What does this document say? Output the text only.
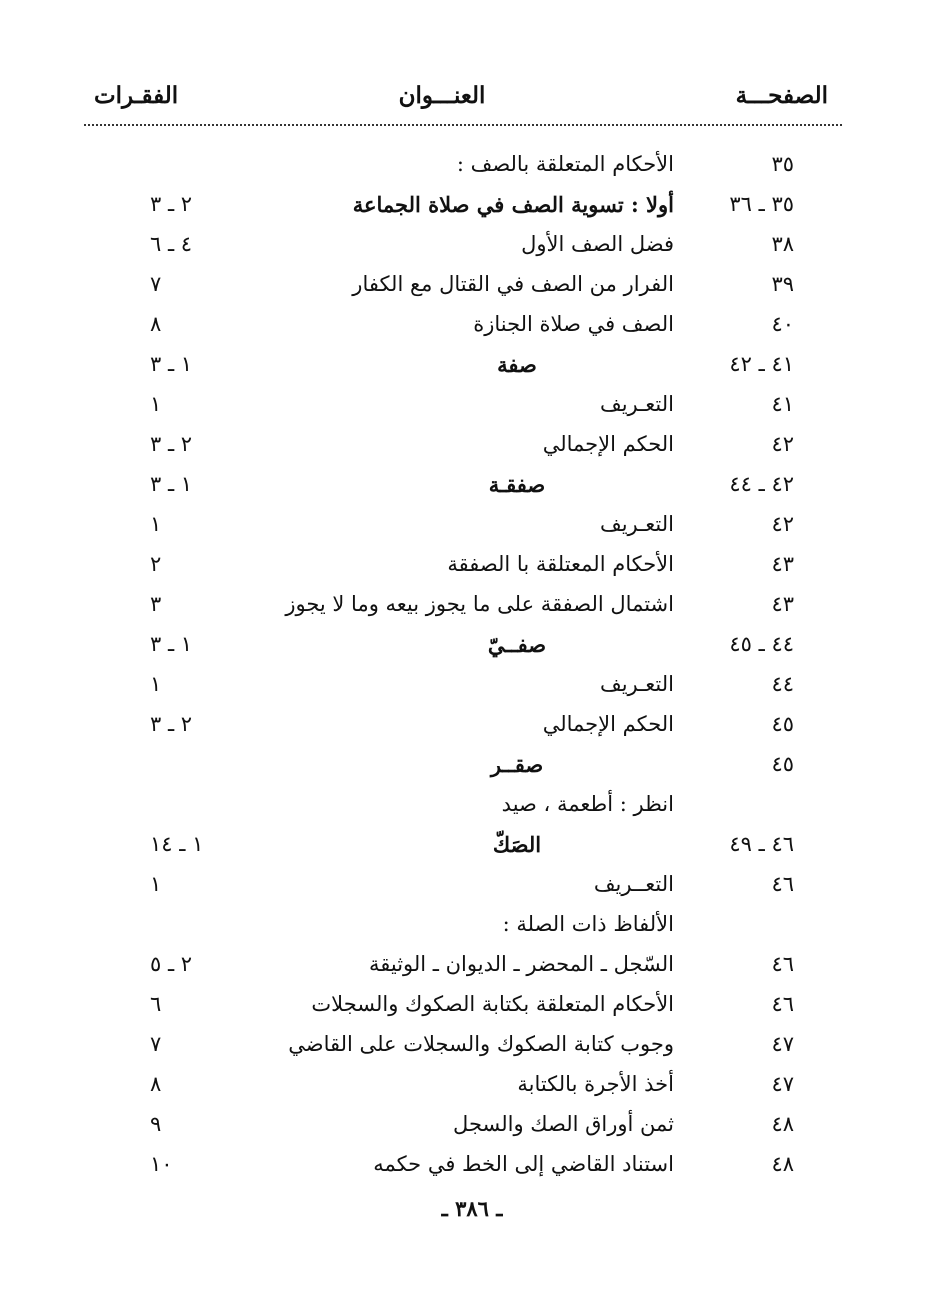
الصفحـــة
العنـــوان
الفقـرات
٣٥
الأحكام المتعلقة بالصف :
٣٥ ـ ٣٦
أولا : تسوية الصف في صلاة الجماعة
٢ ـ ٣
٣٨
فضل الصف الأول
٤ ـ ٦
٣٩
الفرار من الصف في القتال مع الكفار
٧
٤٠
الصف في صلاة الجنازة
٨
٤١ ـ ٤٢
صفة
١ ـ ٣
٤١
التعـريف
١
٤٢
الحكم الإجمالي
٢ ـ ٣
٤٢ ـ ٤٤
صفقـة
١ ـ ٣
٤٢
التعـريف
١
٤٣
الأحكام المعتلقة با الصفقة
٢
٤٣
اشتمال الصفقة على ما يجوز بيعه وما لا يجوز
٣
٤٤ ـ ٤٥
صفــيّ
١ ـ ٣
٤٤
التعـريف
١
٤٥
الحكم الإجمالي
٢ ـ ٣
٤٥
صقــر
انظر : أطعمة ، صيد
٤٦ ـ ٤٩
الصَكّ
١ ـ ١٤
٤٦
التعــريف
١
الألفاظ ذات الصلة :
٤٦
السّجل ـ المحضر ـ الديوان ـ الوثيقة
٢ ـ ٥
٤٦
الأحكام المتعلقة بكتابة الصكوك والسجلات
٦
٤٧
وجوب كتابة الصكوك والسجلات على القاضي
٧
٤٧
أخذ الأجرة بالكتابة
٨
٤٨
ثمن أوراق الصك والسجل
٩
٤٨
استناد القاضي إلى الخط في حكمه
١٠
ـ ٣٨٦ ـ
